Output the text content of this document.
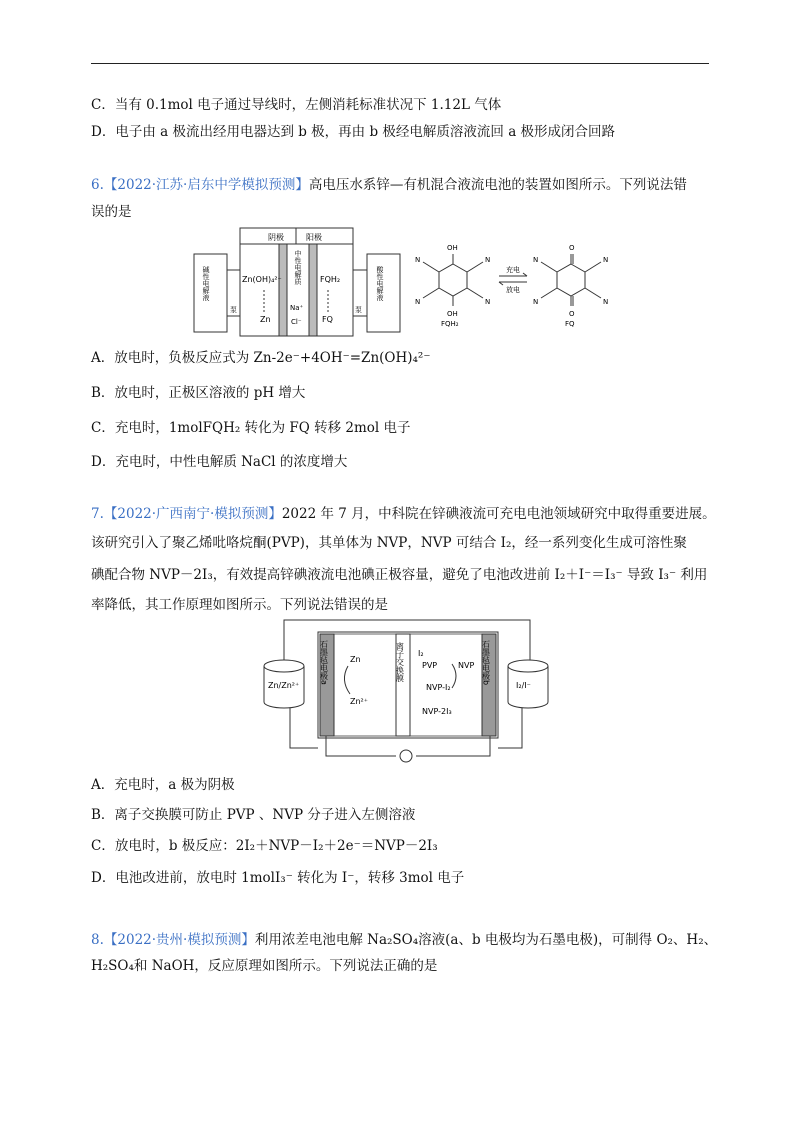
C．当有 0.1mol 电子通过导线时，左侧消耗标准状况下 1.12L 气体
D．电子由 a 极流出经用电器达到 b 极，再由 b 极经电解质溶液流回 a 极形成闭合回路
6.【2022·江苏·启东中学模拟预测】高电压水系锌—有机混合液流电池的装置如图所示。下列说法错
误的是
阴极	阳极
Zn(OH)₄²⁻
Zn
Na⁺
Cl⁻
FQH₂
FQ
碱性电解液	酸性电解液
中性电解质
泵	泵
OH
OH
O
O
N	N
N	N
N	N
N	N
充电
放电
FQH₂	FQ
A．放电时，负极反应式为 Zn-2e⁻+4OH⁻=Zn(OH)₄²⁻
B．放电时，正极区溶液的 pH 增大
C．充电时，1molFQH₂ 转化为 FQ 转移 2mol 电子
D．充电时，中性电解质 NaCl 的浓度增大
7.【2022·广西南宁·模拟预测】2022 年 7 月，中科院在锌碘液流可充电电池领域研究中取得重要进展。
该研究引入了聚乙烯吡咯烷酮(PVP)，其单体为 NVP，NVP 可结合 I₂，经一系列变化生成可溶性聚
碘配合物 NVP－2I₃，有效提高锌碘液流电池碘正极容量，避免了电池改进前 I₂＋I⁻＝I₃⁻ 导致 I₃⁻ 利用
率降低，其工作原理如图所示。下列说法错误的是
Zn/Zn²⁺	I₂/I⁻
石墨毡电极a	石墨毡电极b
离子交换膜
Zn
Zn²⁺
I₂
PVP	NVP
NVP-I₂
NVP-2I₃
A．充电时，a 极为阴极
B．离子交换膜可防止 PVP 、NVP 分子进入左侧溶液
C．放电时，b 极反应：2I₂＋NVP－I₂＋2e⁻＝NVP－2I₃
D．电池改进前，放电时 1molI₃⁻ 转化为 I⁻，转移 3mol 电子
8.【2022·贵州·模拟预测】利用浓差电池电解 Na₂SO₄溶液(a、b 电极均为石墨电极)，可制得 O₂、H₂、
H₂SO₄和 NaOH，反应原理如图所示。下列说法正确的是
